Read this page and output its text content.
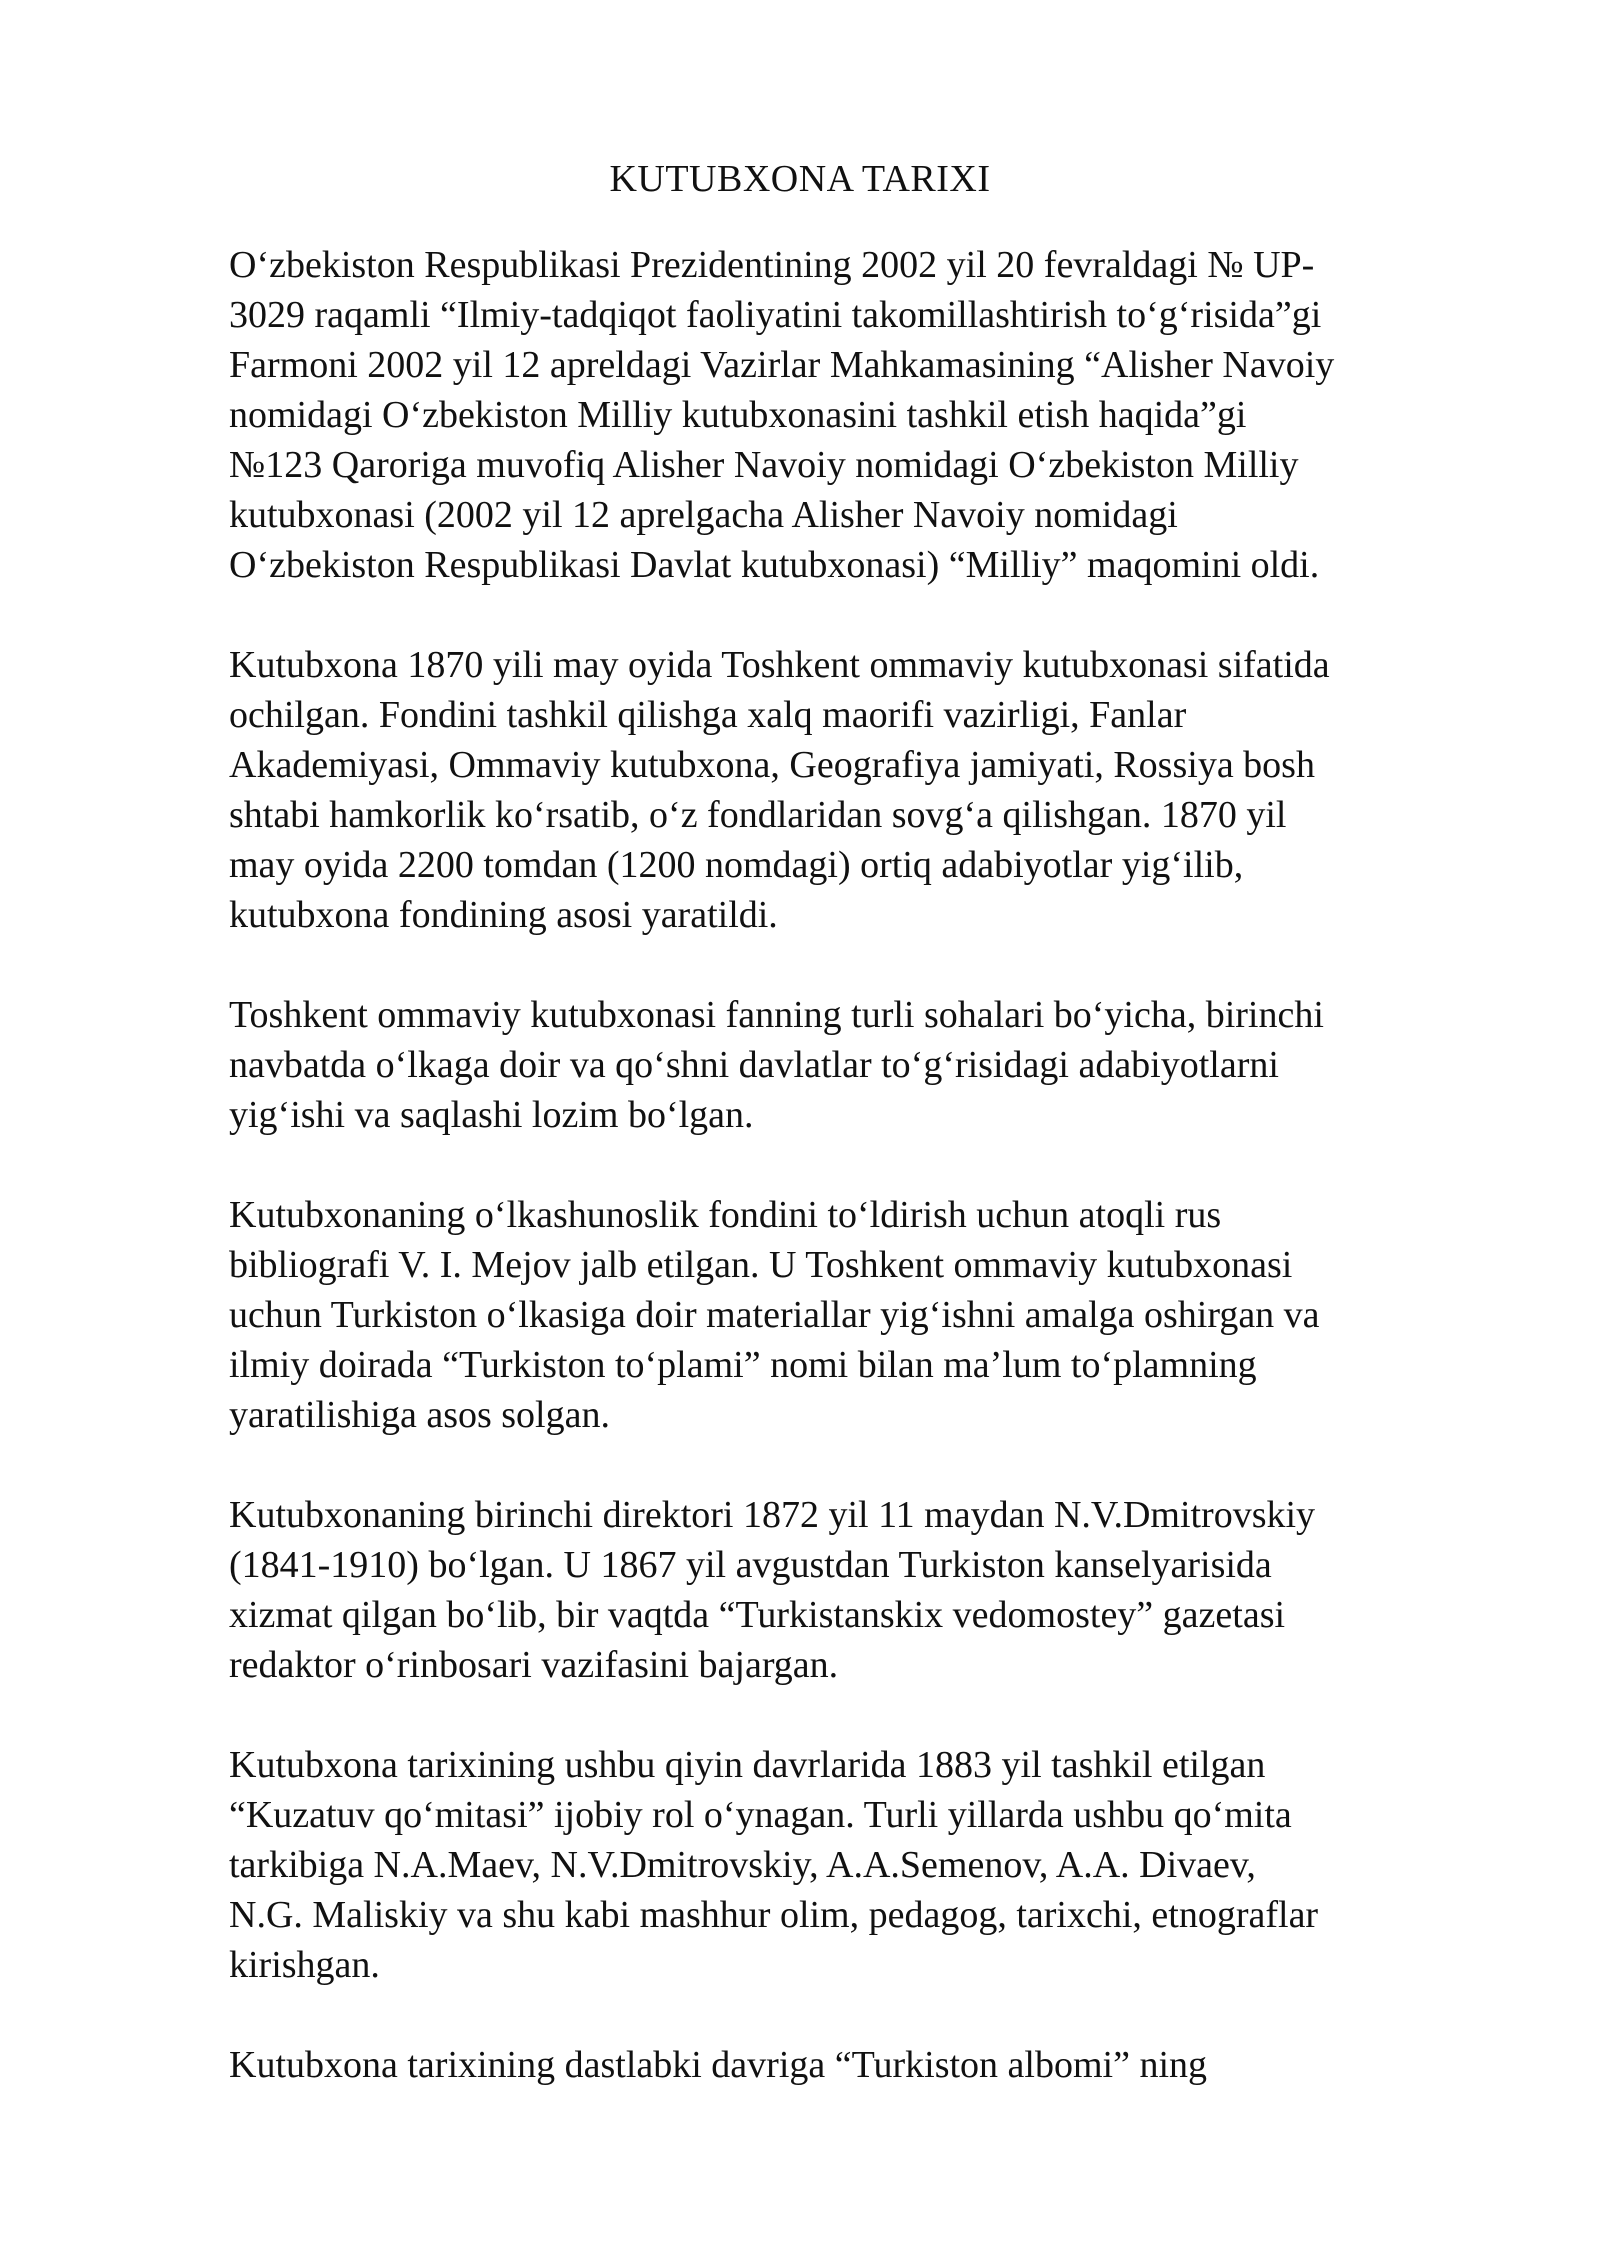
KUTUBXONA TARIXI
O‘zbekiston Respublikasi Prezidentining 2002 yil 20 fevraldagi № UP-
3029 raqamli “Ilmiy-tadqiqot faoliyatini takomillashtirish to‘g‘risida”gi
Farmoni 2002 yil 12 apreldagi Vazirlar Mahkamasining “Alisher Navoiy
nomidagi O‘zbekiston Milliy kutubxonasini tashkil etish haqida”gi
№123 Qaroriga muvofiq Alisher Navoiy nomidagi O‘zbekiston Milliy
kutubxonasi (2002 yil 12 aprelgacha Alisher Navoiy nomidagi
O‘zbekiston Respublikasi Davlat kutubxonasi) “Milliy” maqomini oldi.
Kutubxona 1870 yili may oyida Toshkent ommaviy kutubxonasi sifatida
ochilgan. Fondini tashkil qilishga xalq maorifi vazirligi, Fanlar
Akademiyasi, Ommaviy kutubxona, Geografiya jamiyati, Rossiya bosh
shtabi hamkorlik ko‘rsatib, o‘z fondlaridan sovg‘a qilishgan. 1870 yil
may oyida 2200 tomdan (1200 nomdagi) ortiq adabiyotlar yig‘ilib,
kutubxona fondining asosi yaratildi.
Toshkent ommaviy kutubxonasi fanning turli sohalari bo‘yicha, birinchi
navbatda o‘lkaga doir va qo‘shni davlatlar to‘g‘risidagi adabiyotlarni
yig‘ishi va saqlashi lozim bo‘lgan.
Kutubxonaning o‘lkashunoslik fondini to‘ldirish uchun atoqli rus
bibliografi V. I. Mejov jalb etilgan. U Toshkent ommaviy kutubxonasi
uchun Turkiston o‘lkasiga doir materiallar yig‘ishni amalga oshirgan va
ilmiy doirada “Turkiston to‘plami” nomi bilan ma’lum to‘plamning
yaratilishiga asos solgan.
Kutubxonaning birinchi direktori 1872 yil 11 maydan N.V.Dmitrovskiy
(1841-1910) bo‘lgan. U 1867 yil avgustdan Turkiston kanselyarisida
xizmat qilgan bo‘lib, bir vaqtda “Turkistanskix vedomostey” gazetasi
redaktor o‘rinbosari vazifasini bajargan.
Kutubxona tarixining ushbu qiyin davrlarida 1883 yil tashkil etilgan
“Kuzatuv qo‘mitasi” ijobiy rol o‘ynagan. Turli yillarda ushbu qo‘mita
tarkibiga N.A.Maev, N.V.Dmitrovskiy, A.A.Semenov, A.A. Divaev,
N.G. Maliskiy va shu kabi mashhur olim, pedagog, tarixchi, etnograflar
kirishgan.
Kutubxona tarixining dastlabki davriga “Turkiston albomi” ning
